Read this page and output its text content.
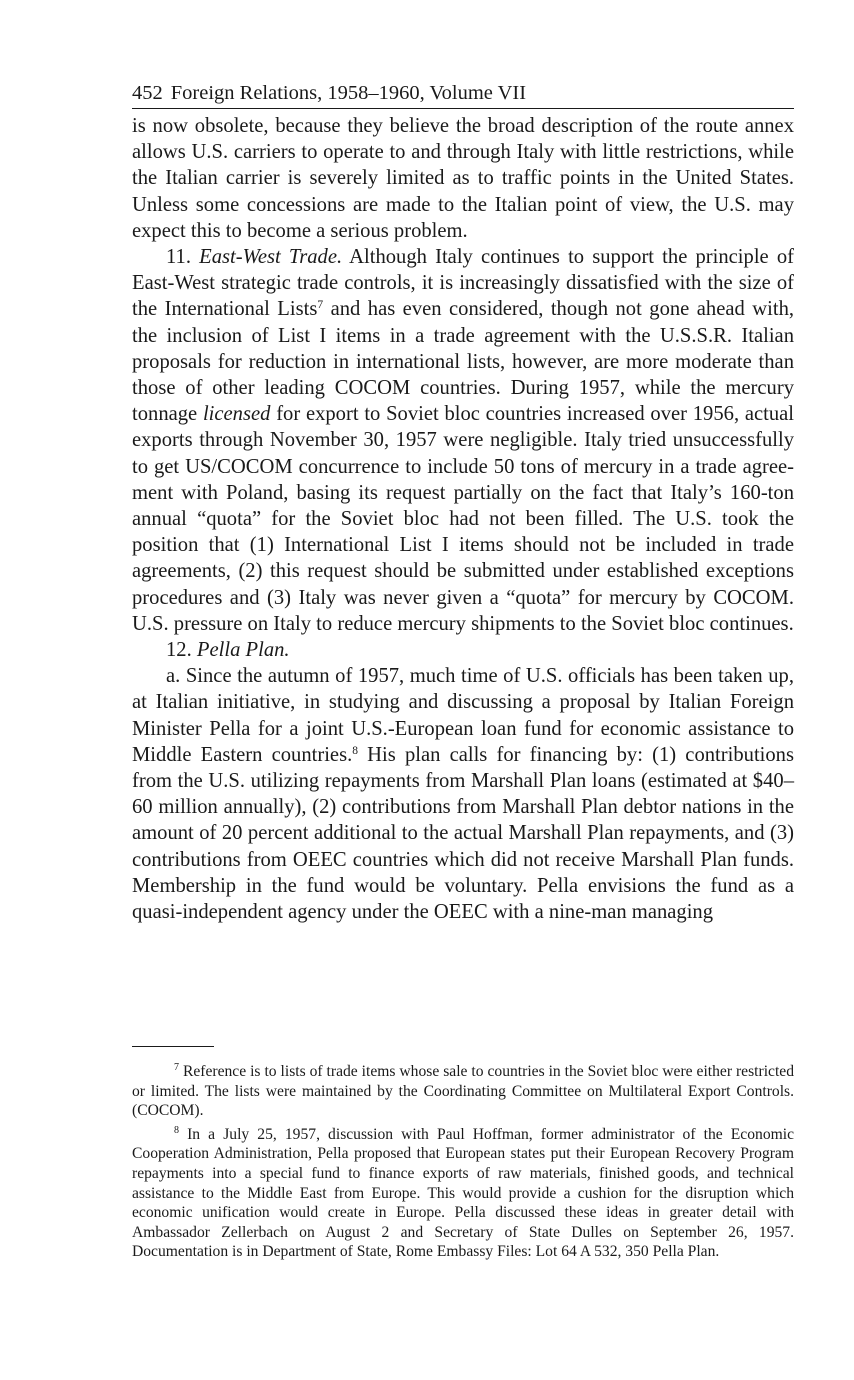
452 Foreign Relations, 1958–1960, Volume VII

is now obsolete, because they believe the broad description of the route annex allows U.S. carriers to operate to and through Italy with little restrictions, while the Italian carrier is severely limited as to traffic points in the United States. Unless some concessions are made to the Italian point of view, the U.S. may expect this to become a serious problem.

11. East-West Trade. Although Italy continues to support the principle of East-West strategic trade controls, it is increasingly dissatisfied with the size of the International Lists$^7$ and has even considered, though not gone ahead with, the inclusion of List I items in a trade agreement with the U.S.S.R. Italian proposals for reduction in international lists, however, are more moderate than those of other leading COCOM countries. During 1957, while the mercury tonnage licensed for export to Soviet bloc countries increased over 1956, actual exports through November 30, 1957 were negligible. Italy tried unsuccessfully to get US/​COCOM concurrence to include 50 tons of mercury in a trade agreement with Poland, basing its request partially on the fact that Italy’s 160-ton annual “quota” for the Soviet bloc had not been filled. The U.S. took the position that (1) International List I items should not be included in trade agreements, (2) this request should be submitted under established exceptions procedures and (3) Italy was never given a “quota” for mercury by COCOM. U.S. pressure on Italy to reduce mercury shipments to the Soviet bloc continues.

12. Pella Plan.

a. Since the autumn of 1957, much time of U.S. officials has been taken up, at Italian initiative, in studying and discussing a proposal by Italian Foreign Minister Pella for a joint U.S.-European loan fund for economic assistance to Middle Eastern countries.$^8$ His plan calls for financing by: (1) contributions from the U.S. utilizing repayments from Marshall Plan loans (estimated at $40–60 million annually), (2) contributions from Marshall Plan debtor nations in the amount of 20 percent additional to the actual Marshall Plan repayments, and (3) contributions from OEEC countries which did not receive Marshall Plan funds. Membership in the fund would be voluntary. Pella envisions the fund as a quasi-independent agency under the OEEC with a nine-man managing

$^7$ Reference is to lists of trade items whose sale to countries in the Soviet bloc were either restricted or limited. The lists were maintained by the Coordinating Committee on Multilateral Export Controls. (COCOM).

$^8$ In a July 25, 1957, discussion with Paul Hoffman, former administrator of the Economic Cooperation Administration, Pella proposed that European states put their European Recovery Program repayments into a special fund to finance exports of raw materials, finished goods, and technical assistance to the Middle East from Europe. This would provide a cushion for the disruption which economic unification would create in Europe. Pella discussed these ideas in greater detail with Ambassador Zellerbach on August 2 and Secretary of State Dulles on September 26, 1957. Documentation is in Department of State, Rome Embassy Files: Lot 64 A 532, 350 Pella Plan.
